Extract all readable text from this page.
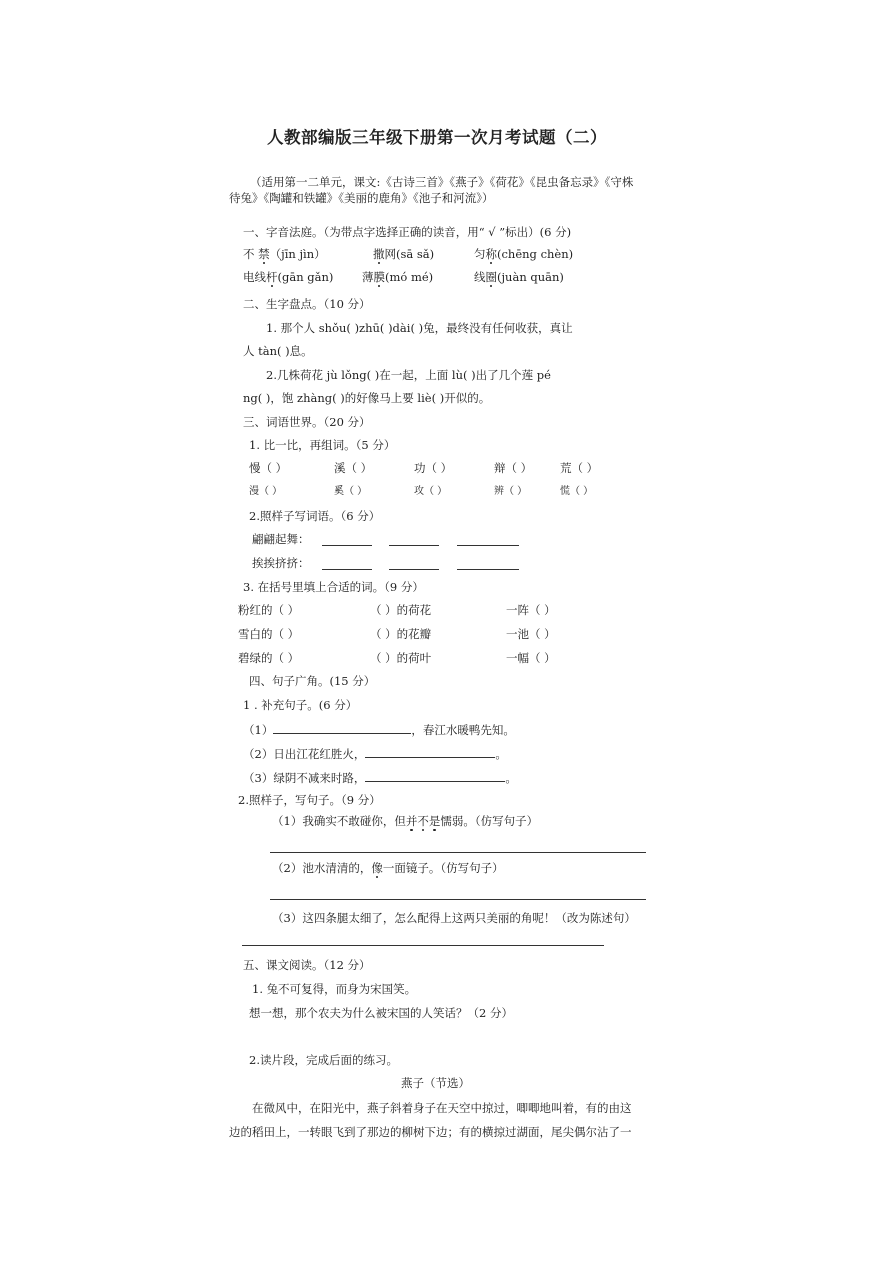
人教部编版三年级下册第一次月考试题（二）
（适用第一二单元，课文:《古诗三首》《燕子》《荷花》《昆虫备忘录》《守株
待兔》《陶罐和铁罐》《美丽的鹿角》《池子和河流》）
一、字音法庭。（为带点字选择正确的读音，用“ √ ”标出）(6 分)
不 禁（jīn jìn）	撒网(sā sǎ)	匀称(chēng chèn)
电线杆(gān gǎn) 薄膜(mó mé)	线圈(juàn quān)
二、生字盘点。（10 分）
1. 那个人 shǒu( )zhū( )dài( )兔，最终没有任何收获，真让
人 tàn( )息。
2.几株荷花 jù lǒng( )在一起，上面 lù( )出了几个莲 pé
ng( )，饱 zhàng( )的好像马上要 liè( )开似的。
三、词语世界。（20 分）
1. 比一比，再组词。（5 分）
慢（ ）	溪（ ）	功（ ）	辩（ ） 荒（ ）
漫（ ）	奚（ ）	攻（ ）	辨（ ）	慌（ ）
2.照样子写词语。（6 分）
翩翩起舞：
挨挨挤挤：
3. 在括号里填上合适的词。（9 分）
粉红的（ ）	（ ）的荷花	一阵（ ）
雪白的（ ）	（ ）的花瓣	一池（ ）
碧绿的（ ）	（ ）的荷叶	一幅（ ）
四、句子广角。(15 分）
1 . 补充句子。(6 分）
（1）	，春江水暖鸭先知。
（2）日出江花红胜火，	。
（3）绿阴不减来时路，	。
2.照样子，写句子。（9 分）
（1）我确实不敢碰你，但并不是懦弱。（仿写句子）
（2）池水清清的，像一面镜子。（仿写句子）
（3）这四条腿太细了，怎么配得上这两只美丽的角呢！（改为陈述句）
五、课文阅读。（12 分）
1. 兔不可复得，而身为宋国笑。
想一想，那个农夫为什么被宋国的人笑话？（2 分）
2.读片段，完成后面的练习。
燕子（节选）
在微风中，在阳光中，燕子斜着身子在天空中掠过，唧唧地叫着，有的由这
边的稻田上，一转眼飞到了那边的柳树下边；有的横掠过湖面，尾尖偶尔沾了一
